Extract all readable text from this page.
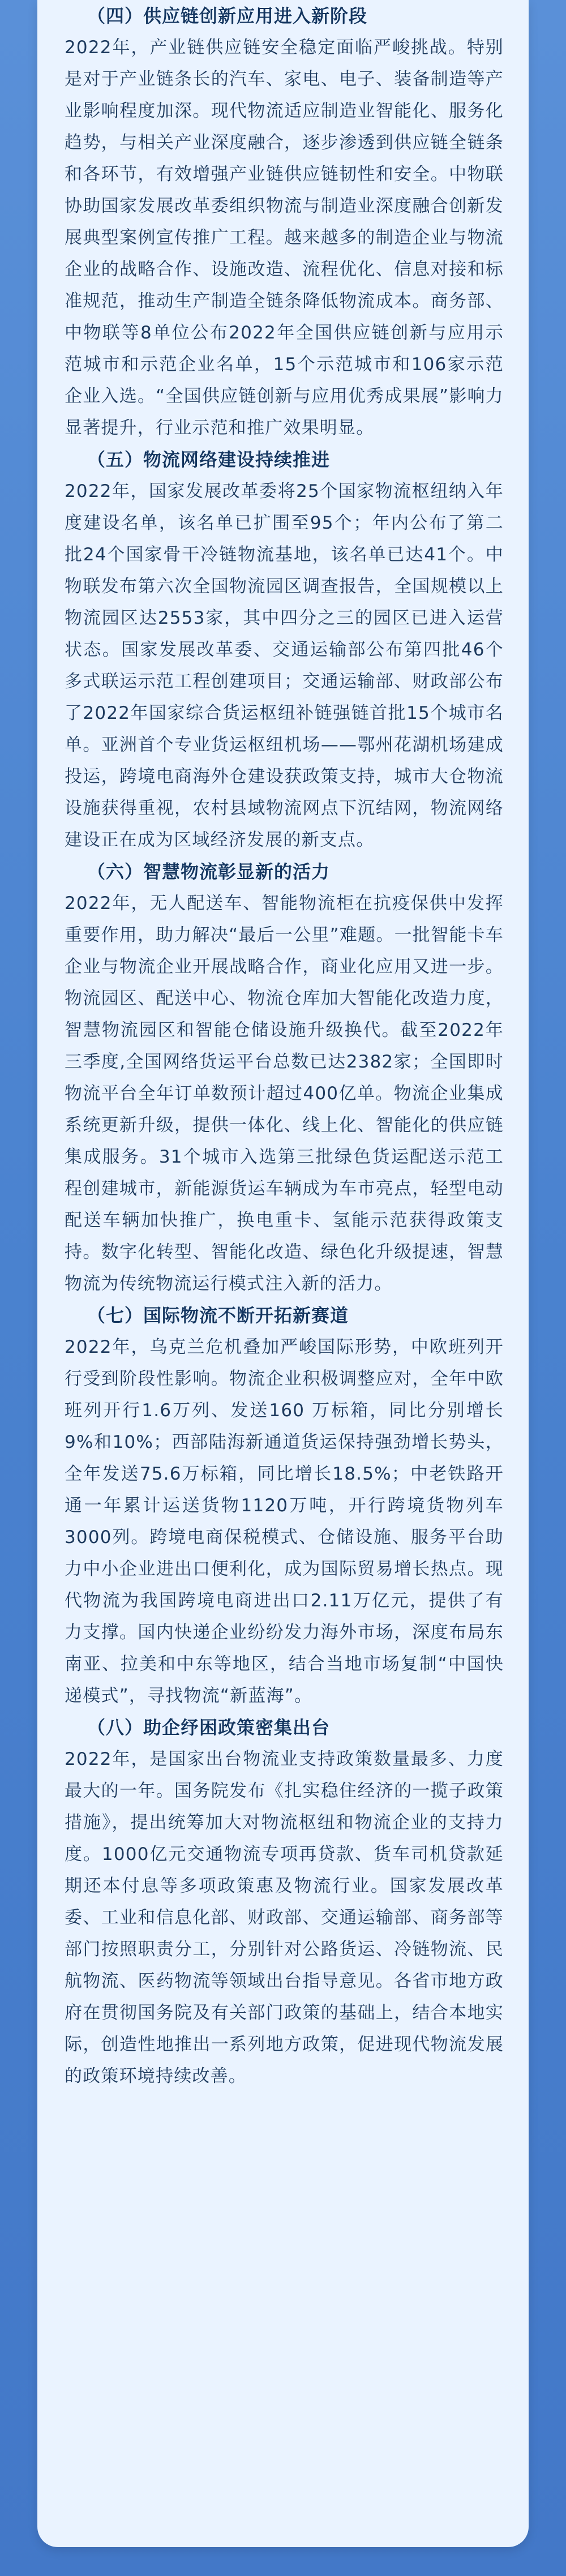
（四）供应链创新应用进入新阶段

2022年，产业链供应链安全稳定面临严峻挑战。特别是对于产业链条长的汽车、家电、电子、装备制造等产业影响程度加深。现代物流适应制造业智能化、服务化趋势，与相关产业深度融合，逐步渗透到供应链全链条和各环节，有效增强产业链供应链韧性和安全。中物联协助国家发展改革委组织物流与制造业深度融合创新发展典型案例宣传推广工程。越来越多的制造企业与物流企业的战略合作、设施改造、流程优化、信息对接和标准规范，推动生产制造全链条降低物流成本。商务部、中物联等8单位公布2022年全国供应链创新与应用示范城市和示范企业名单，15个示范城市和106家示范企业入选。“全国供应链创新与应用优秀成果展”影响力显著提升，行业示范和推广效果明显。

（五）物流网络建设持续推进

2022年，国家发展改革委将25个国家物流枢纽纳入年度建设名单，该名单已扩围至95个；年内公布了第二批24个国家骨干冷链物流基地，该名单已达41个。中物联发布第六次全国物流园区调查报告，全国规模以上物流园区达2553家，其中四分之三的园区已进入运营状态。国家发展改革委、交通运输部公布第四批46个多式联运示范工程创建项目；交通运输部、财政部公布了2022年国家综合货运枢纽补链强链首批15个城市名单。亚洲首个专业货运枢纽机场——鄂州花湖机场建成投运，跨境电商海外仓建设获政策支持，城市大仓物流设施获得重视，农村县域物流网点下沉结网，物流网络建设正在成为区域经济发展的新支点。

（六）智慧物流彰显新的活力

2022年，无人配送车、智能物流柜在抗疫保供中发挥重要作用，助力解决“最后一公里”难题。一批智能卡车企业与物流企业开展战略合作，商业化应用又进一步。物流园区、配送中心、物流仓库加大智能化改造力度，智慧物流园区和智能仓储设施升级换代。截至2022年三季度,全国网络货运平台总数已达2382家；全国即时物流平台全年订单数预计超过400亿单。物流企业集成系统更新升级，提供一体化、线上化、智能化的供应链集成服务。31个城市入选第三批绿色货运配送示范工程创建城市，新能源货运车辆成为车市亮点，轻型电动配送车辆加快推广，换电重卡、氢能示范获得政策支持。数字化转型、智能化改造、绿色化升级提速，智慧物流为传统物流运行模式注入新的活力。

（七）国际物流不断开拓新赛道

2022年，乌克兰危机叠加严峻国际形势，中欧班列开行受到阶段性影响。物流企业积极调整应对，全年中欧班列开行1.6万列、发送160 万标箱，同比分别增长9%和10%；西部陆海新通道货运保持强劲增长势头，全年发送75.6万标箱，同比增长18.5%；中老铁路开通一年累计运送货物1120万吨，开行跨境货物列车3000列。跨境电商保税模式、仓储设施、服务平台助力中小企业进出口便利化，成为国际贸易增长热点。现代物流为我国跨境电商进出口2.11万亿元，提供了有力支撑。国内快递企业纷纷发力海外市场，深度布局东南亚、拉美和中东等地区，结合当地市场复制“中国快递模式”，寻找物流“新蓝海”。

（八）助企纾困政策密集出台

2022年，是国家出台物流业支持政策数量最多、力度最大的一年。国务院发布《扎实稳住经济的一揽子政策措施》，提出统筹加大对物流枢纽和物流企业的支持力度。1000亿元交通物流专项再贷款、货车司机贷款延期还本付息等多项政策惠及物流行业。国家发展改革委、工业和信息化部、财政部、交通运输部、商务部等部门按照职责分工，分别针对公路货运、冷链物流、民航物流、医药物流等领域出台指导意见。各省市地方政府在贯彻国务院及有关部门政策的基础上，结合本地实际，创造性地推出一系列地方政策，促进现代物流发展的政策环境持续改善。
